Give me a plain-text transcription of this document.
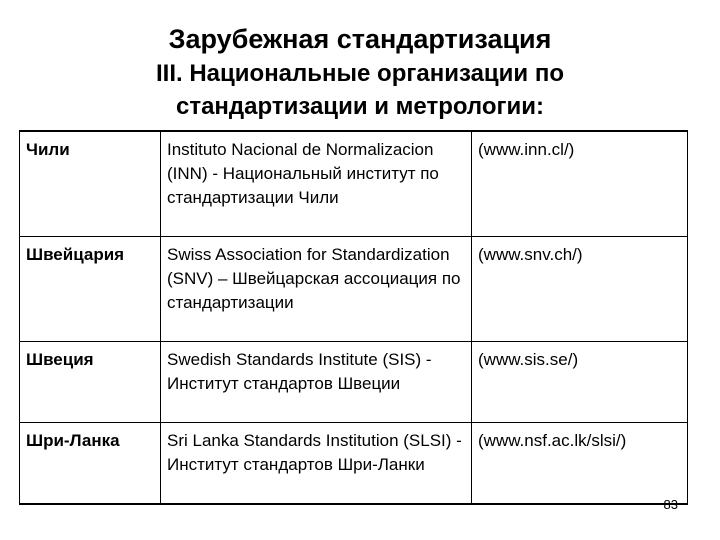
Зарубежная стандартизация
III. Национальные организации по
стандартизации и метрологии:
Чили	Instituto Nacional de Normalizacion (INN) - Национальный институт по стандартизации Чили	(www.inn.cl/)
Швейцария	Swiss Association for Standardization (SNV) – Швейцарская ассоциация по стандартизации	(www.snv.ch/)
Швеция	Swedish Standards Institute (SIS) - Институт стандартов Швеции	(www.sis.se/)
Шри-Ланка	Sri Lanka Standards Institution (SLSI) - Институт стандартов Шри-Ланки	(www.nsf.ac.lk/slsi/)
83
